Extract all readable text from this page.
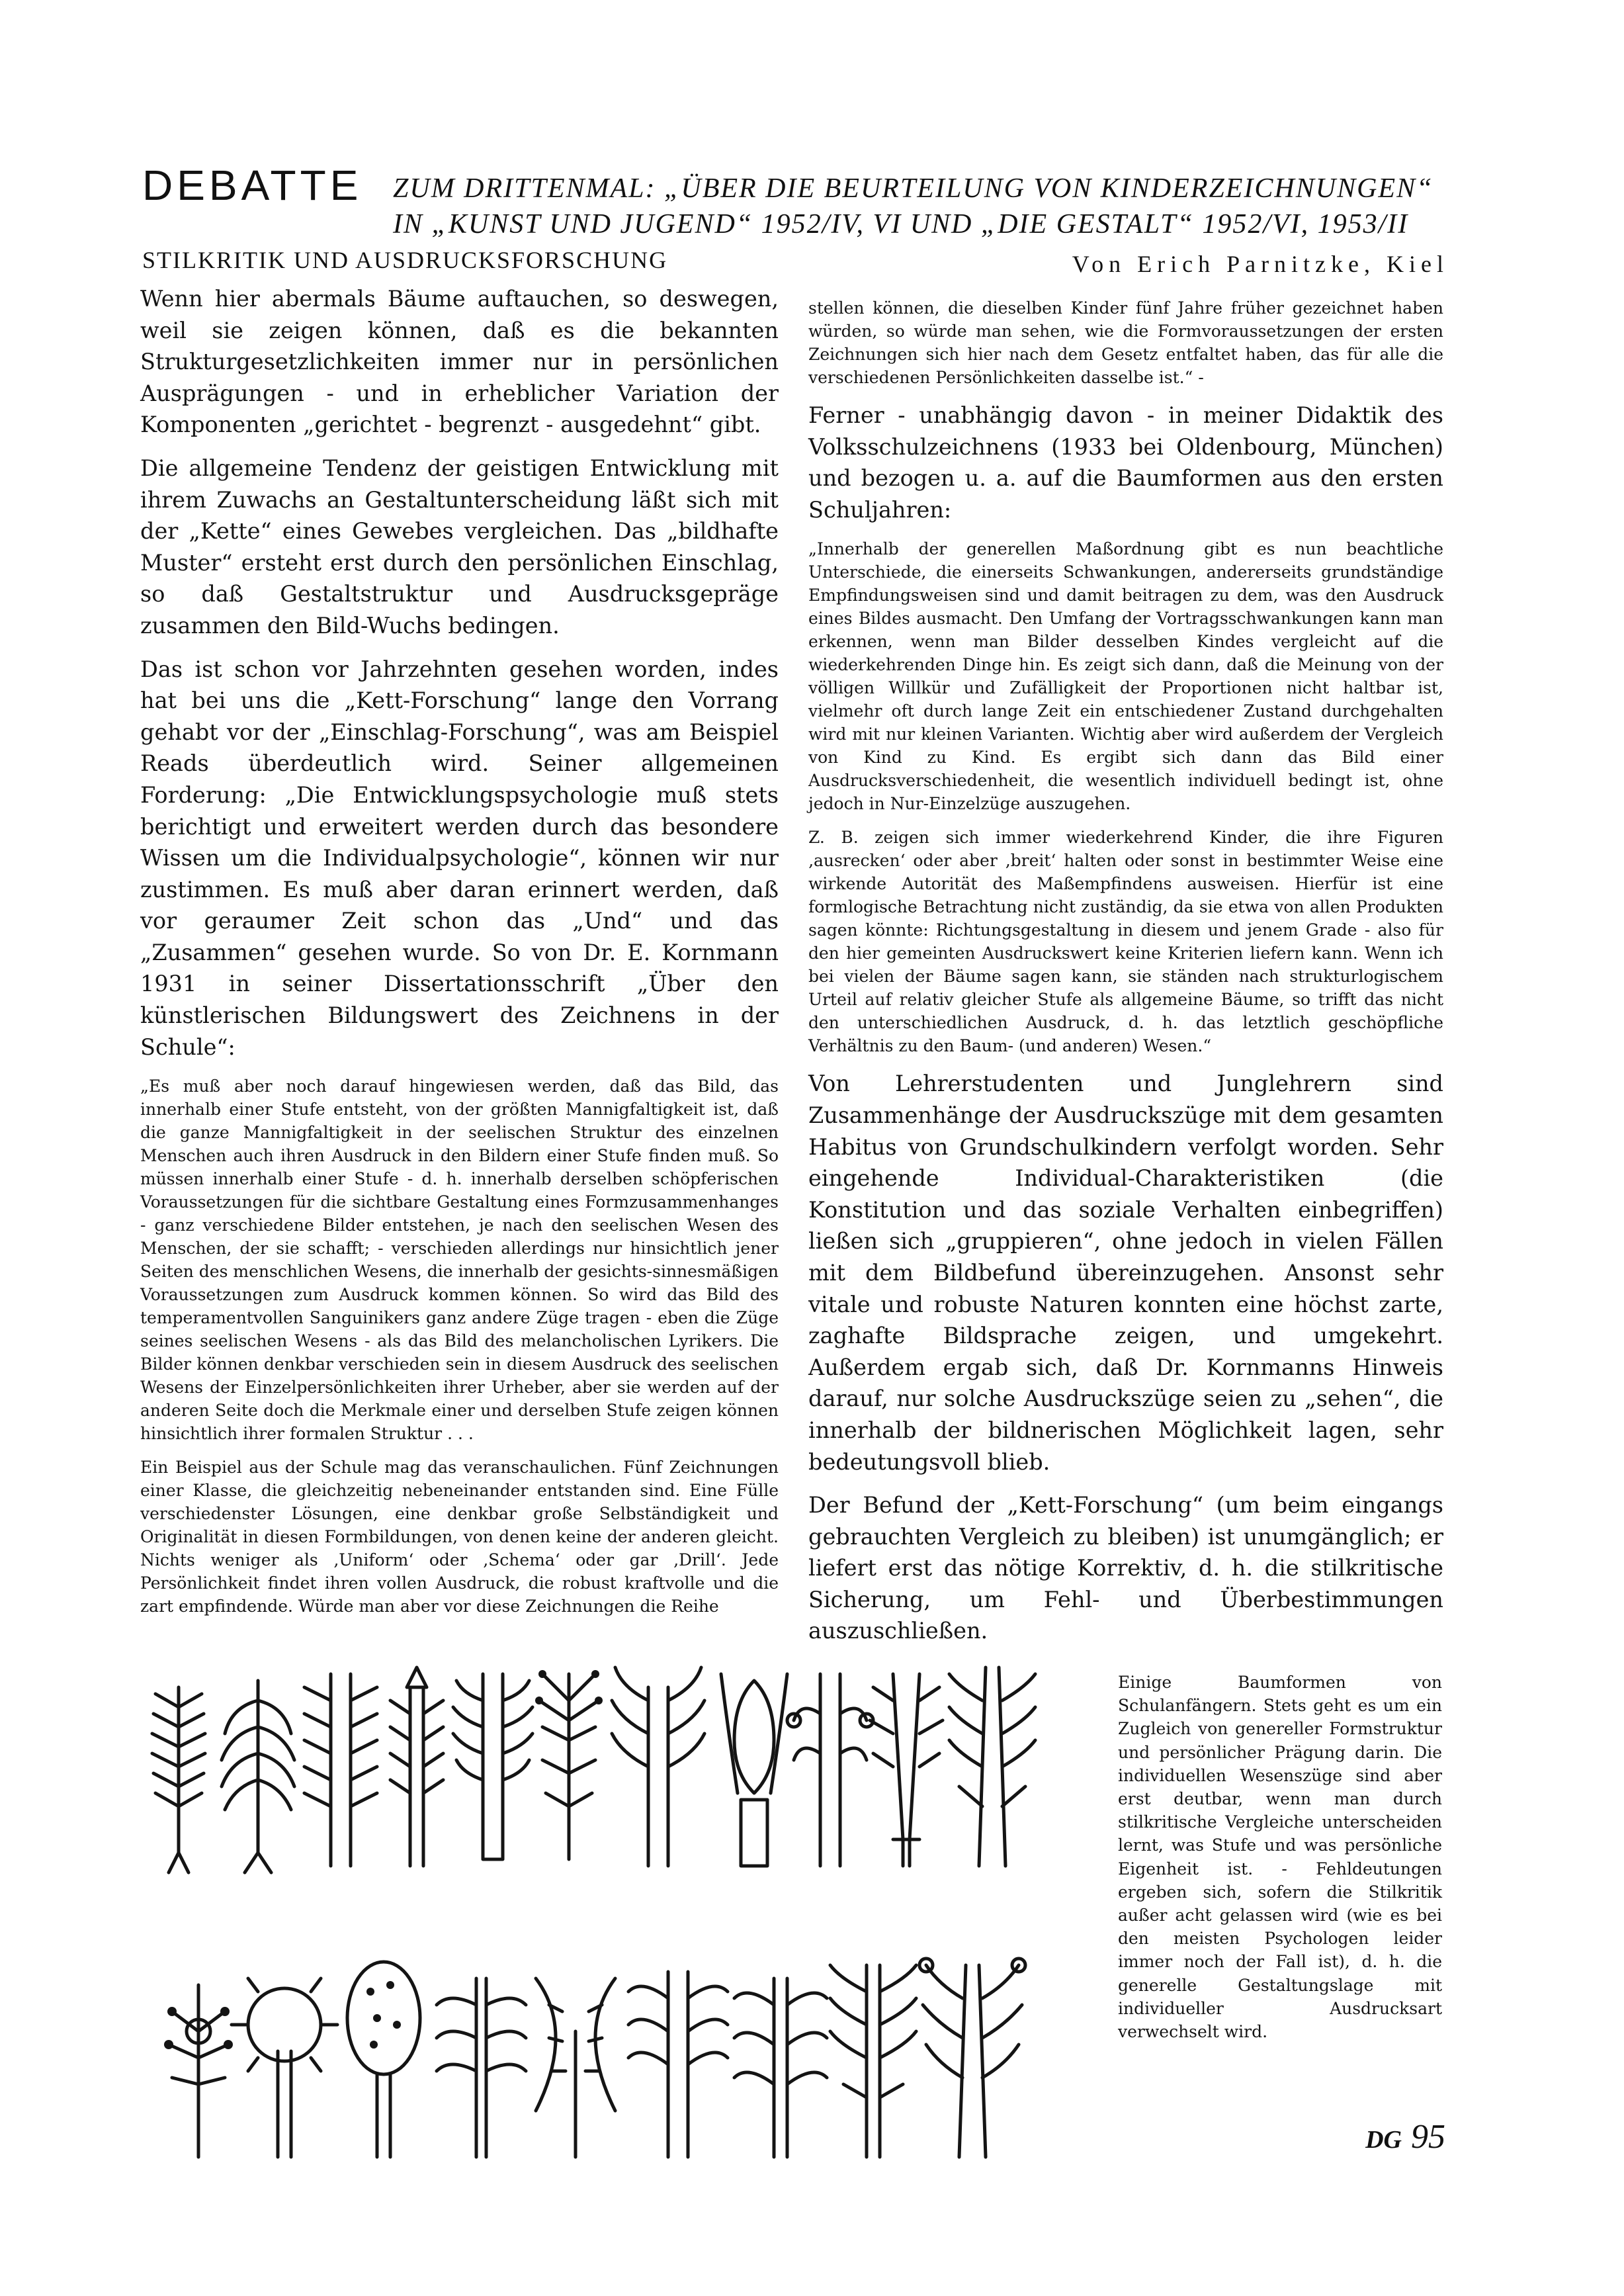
DEBATTE ZUM DRITTENMAL: „ÜBER DIE BEURTEILUNG VON KINDERZEICHNUNGEN“
IN „KUNST UND JUGEND“ 1952/IV, VI UND „DIE GESTALT“ 1952/VI, 1953/II
STILKRITIK UND AUSDRUCKSFORSCHUNG	Von Erich Parnitzke, Kiel

Wenn hier abermals Bäume auftauchen, so deswegen, weil sie zeigen können, daß es die bekannten Strukturgesetzlichkeiten immer nur in persönlichen Ausprägungen - und in erheblicher Variation der Komponenten „gerichtet - begrenzt - ausgedehnt“ gibt.

Die allgemeine Tendenz der geistigen Entwicklung mit ihrem Zuwachs an Gestaltunterscheidung läßt sich mit der „Kette“ eines Gewebes vergleichen. Das „bildhafte Muster“ ersteht erst durch den persönlichen Einschlag, so daß Gestaltstruktur und Ausdrucksgepräge zusammen den Bild-Wuchs bedingen.

Das ist schon vor Jahrzehnten gesehen worden, indes hat bei uns die „Kett-Forschung“ lange den Vorrang gehabt vor der „Einschlag-Forschung“, was am Beispiel Reads überdeutlich wird. Seiner allgemeinen Forderung: „Die Entwicklungspsychologie muß stets berichtigt und erweitert werden durch das besondere Wissen um die Individualpsychologie“, können wir nur zustimmen. Es muß aber daran erinnert werden, daß vor geraumer Zeit schon das „Und“ und das „Zusammen“ gesehen wurde. So von Dr. E. Kornmann 1931 in seiner Dissertationsschrift „Über den künstlerischen Bildungswert des Zeichnens in der Schule“:

„Es muß aber noch darauf hingewiesen werden, daß das Bild, das innerhalb einer Stufe entsteht, von der größten Mannigfaltigkeit ist, daß die ganze Mannigfaltigkeit in der seelischen Struktur des einzelnen Menschen auch ihren Ausdruck in den Bildern einer Stufe finden muß. So müssen innerhalb einer Stufe - d. h. innerhalb derselben schöpferischen Voraussetzungen für die sichtbare Gestaltung eines Formzusammenhanges - ganz verschiedene Bilder entstehen, je nach den seelischen Wesen des Menschen, der sie schafft; - verschieden allerdings nur hinsichtlich jener Seiten des menschlichen Wesens, die innerhalb der gesichts-sinnesmäßigen Voraussetzungen zum Ausdruck kommen können. So wird das Bild des temperamentvollen Sanguinikers ganz andere Züge tragen - eben die Züge seines seelischen Wesens - als das Bild des melancholischen Lyrikers. Die Bilder können denkbar verschieden sein in diesem Ausdruck des seelischen Wesens der Einzelpersönlichkeiten ihrer Urheber, aber sie werden auf der anderen Seite doch die Merkmale einer und derselben Stufe zeigen können hinsichtlich ihrer formalen Struktur . . .

Ein Beispiel aus der Schule mag das veranschaulichen. Fünf Zeichnungen einer Klasse, die gleichzeitig nebeneinander entstanden sind. Eine Fülle verschiedenster Lösungen, eine denkbar große Selbständigkeit und Originalität in diesen Formbildungen, von denen keine der anderen gleicht. Nichts weniger als ‚Uniform‘ oder ‚Schema‘ oder gar ‚Drill‘. Jede Persönlichkeit findet ihren vollen Ausdruck, die robust kraftvolle und die zart empfindende. Würde man aber vor diese Zeichnungen die Reihe

stellen können, die dieselben Kinder fünf Jahre früher gezeichnet haben würden, so würde man sehen, wie die Formvoraussetzungen der ersten Zeichnungen sich hier nach dem Gesetz entfaltet haben, das für alle die verschiedenen Persönlichkeiten dasselbe ist.“ -

Ferner - unabhängig davon - in meiner Didaktik des Volksschulzeichnens (1933 bei Oldenbourg, München) und bezogen u. a. auf die Baumformen aus den ersten Schuljahren:

„Innerhalb der generellen Maßordnung gibt es nun beachtliche Unterschiede, die einerseits Schwankungen, andererseits grundständige Empfindungsweisen sind und damit beitragen zu dem, was den Ausdruck eines Bildes ausmacht. Den Umfang der Vortragsschwankungen kann man erkennen, wenn man Bilder desselben Kindes vergleicht auf die wiederkehrenden Dinge hin. Es zeigt sich dann, daß die Meinung von der völligen Willkür und Zufälligkeit der Proportionen nicht haltbar ist, vielmehr oft durch lange Zeit ein entschiedener Zustand durchgehalten wird mit nur kleinen Varianten. Wichtig aber wird außerdem der Vergleich von Kind zu Kind. Es ergibt sich dann das Bild einer Ausdrucksverschiedenheit, die wesentlich individuell bedingt ist, ohne jedoch in Nur-Einzelzüge auszugehen.

Z. B. zeigen sich immer wiederkehrend Kinder, die ihre Figuren ‚ausrecken‘ oder aber ‚breit‘ halten oder sonst in bestimmter Weise eine wirkende Autorität des Maßempfindens ausweisen. Hierfür ist eine formlogische Betrachtung nicht zuständig, da sie etwa von allen Produkten sagen könnte: Richtungsgestaltung in diesem und jenem Grade - also für den hier gemeinten Ausdruckswert keine Kriterien liefern kann. Wenn ich bei vielen der Bäume sagen kann, sie ständen nach strukturlogischem Urteil auf relativ gleicher Stufe als allgemeine Bäume, so trifft das nicht den unterschiedlichen Ausdruck, d. h. das letztlich geschöpfliche Verhältnis zu den Baum- (und anderen) Wesen.“

Von Lehrerstudenten und Junglehrern sind Zusammenhänge der Ausdruckszüge mit dem gesamten Habitus von Grundschulkindern verfolgt worden. Sehr eingehende Individual-Charakteristiken (die Konstitution und das soziale Verhalten einbegriffen) ließen sich „gruppieren“, ohne jedoch in vielen Fällen mit dem Bildbefund übereinzugehen. Ansonst sehr vitale und robuste Naturen konnten eine höchst zarte, zaghafte Bildsprache zeigen, und umgekehrt. Außerdem ergab sich, daß Dr. Kornmanns Hinweis darauf, nur solche Ausdruckszüge seien zu „sehen“, die innerhalb der bildnerischen Möglichkeit lagen, sehr bedeutungsvoll blieb.

Der Befund der „Kett-Forschung“ (um beim eingangs gebrauchten Vergleich zu bleiben) ist unumgänglich; er liefert erst das nötige Korrektiv, d. h. die stilkritische Sicherung, um Fehl- und Überbestimmungen auszuschließen.

Einige Baumformen von Schulanfängern. Stets geht es um ein Zugleich von genereller Formstruktur und persönlicher Prägung darin. Die individuellen Wesenszüge sind aber erst deutbar, wenn man durch stilkritische Vergleiche unterscheiden lernt, was Stufe und was persönliche Eigenheit ist. - Fehldeutungen ergeben sich, sofern die Stilkritik außer acht gelassen wird (wie es bei den meisten Psychologen leider immer noch der Fall ist), d. h. die generelle Gestaltungslage mit individueller Ausdrucksart verwechselt wird.

DG 95
